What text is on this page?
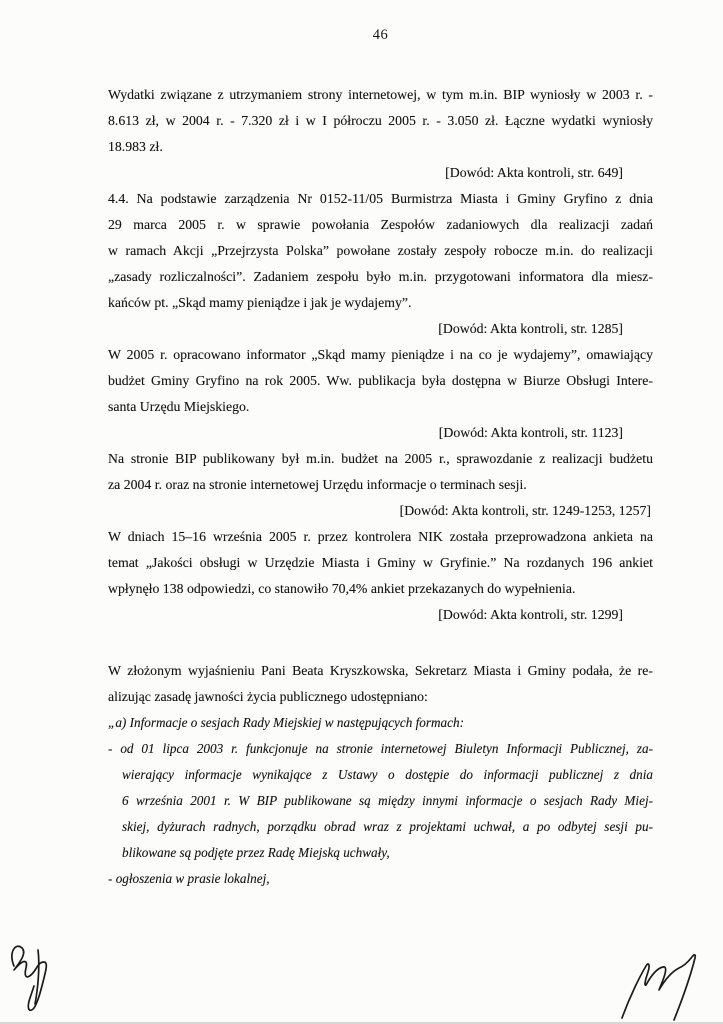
46
Wydatki związane z utrzymaniem strony internetowej, w tym m.in. BIP wyniosły w 2003 r. -
8.613 zł, w 2004 r. - 7.320 zł i w I półroczu 2005 r. - 3.050 zł. Łączne wydatki wyniosły
18.983 zł.
[Dowód: Akta kontroli, str. 649]
4.4. Na podstawie zarządzenia Nr 0152-11/05 Burmistrza Miasta i Gminy Gryfino z dnia
29 marca 2005 r. w sprawie powołania Zespołów zadaniowych dla realizacji zadań
w ramach Akcji „Przejrzysta Polska” powołane zostały zespoły robocze m.in. do realizacji
„zasady rozliczalności”. Zadaniem zespołu było m.in. przygotowani informatora dla miesz-
kańców pt. „Skąd mamy pieniądze i jak je wydajemy”.
[Dowód: Akta kontroli, str. 1285]
W 2005 r. opracowano informator „Skąd mamy pieniądze i na co je wydajemy”, omawiający
budżet Gminy Gryfino na rok 2005. Ww. publikacja była dostępna w Biurze Obsługi Intere-
santa Urzędu Miejskiego.
[Dowód: Akta kontroli, str. 1123]
Na stronie BIP publikowany był m.in. budżet na 2005 r., sprawozdanie z realizacji budżetu
za 2004 r. oraz na stronie internetowej Urzędu informacje o terminach sesji.
[Dowód: Akta kontroli, str. 1249-1253, 1257]
W dniach 15–16 września 2005 r. przez kontrolera NIK została przeprowadzona ankieta na
temat „Jakości obsługi w Urzędzie Miasta i Gminy w Gryfinie.” Na rozdanych 196 ankiet
wpłynęło 138 odpowiedzi, co stanowiło 70,4% ankiet przekazanych do wypełnienia.
[Dowód: Akta kontroli, str. 1299]
W złożonym wyjaśnieniu Pani Beata Kryszkowska, Sekretarz Miasta i Gminy podała, że re-
alizując zasadę jawności życia publicznego udostępniano:
„a) Informacje o sesjach Rady Miejskiej w następujących formach:
- od 01 lipca 2003 r. funkcjonuje na stronie internetowej Biuletyn Informacji Publicznej, za-
wierający informacje wynikające z Ustawy o dostępie do informacji publicznej z dnia
6 września 2001 r. W BIP publikowane są między innymi informacje o sesjach Rady Miej-
skiej, dyżurach radnych, porządku obrad wraz z projektami uchwał, a po odbytej sesji pu-
blikowane są podjęte przez Radę Miejską uchwały,
- ogłoszenia w prasie lokalnej,
